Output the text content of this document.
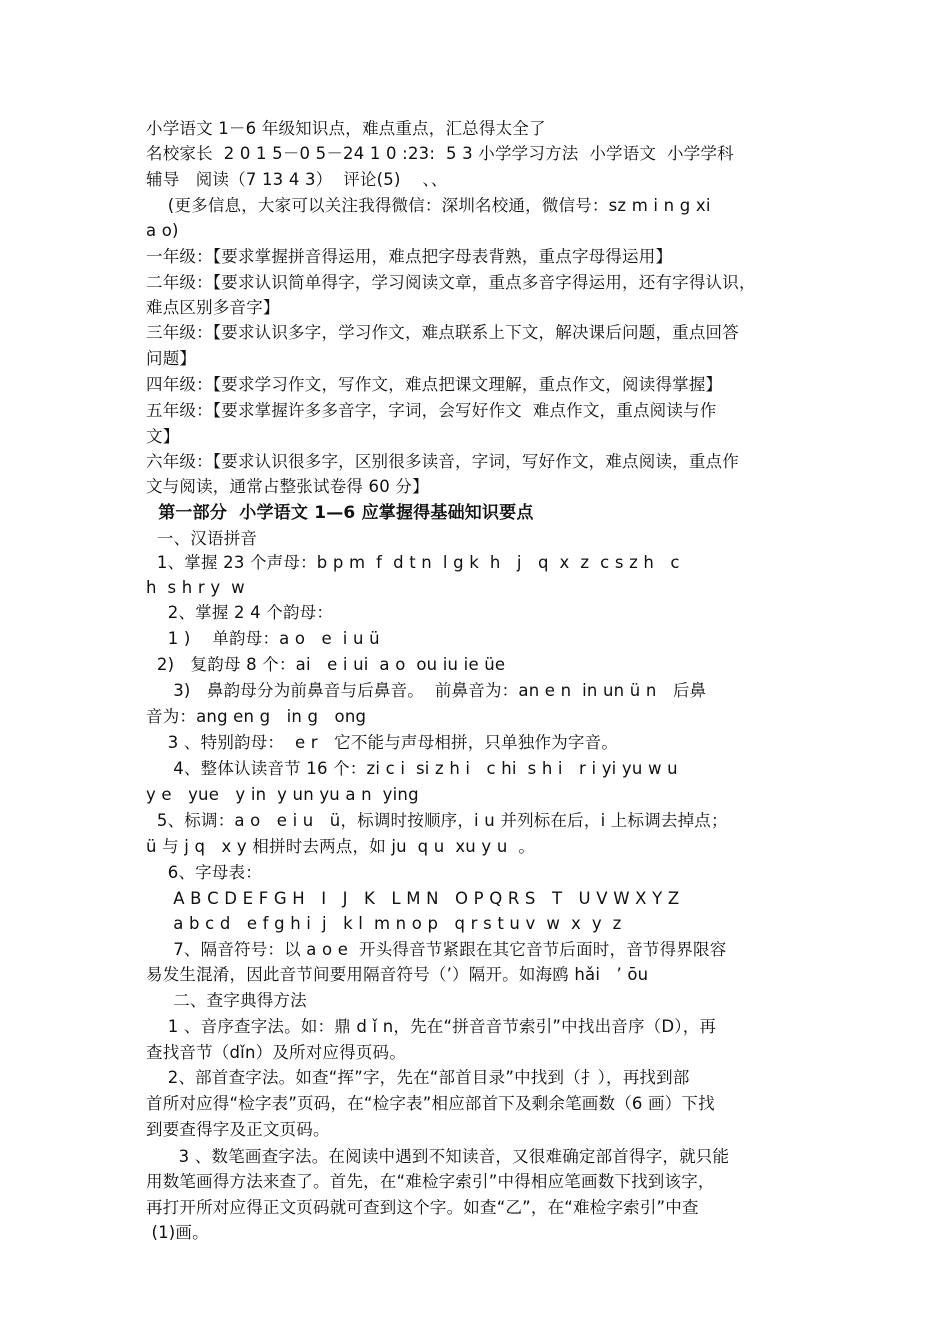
小学语文 1－6 年级知识点，难点重点，汇总得太全了
名校家长  2 0 1 5－0 5－24 1 0 :23:  5 3 小学学习方法  小学语文  小学学科
辅导   阅读（7 13 4 3）  评论(5)    、、
(更多信息，大家可以关注我得微信：深圳名校通，微信号：sz m i n g xi
a o)
一年级：【要求掌握拼音得运用，难点把字母表背熟，重点字母得运用】
二年级：【要求认识简单得字，学习阅读文章，重点多音字得运用，还有字得认识，
难点区别多音字】
三年级：【要求认识多字，学习作文，难点联系上下文，解决课后问题，重点回答
问题】
四年级：【要求学习作文，写作文，难点把课文理解，重点作文，阅读得掌握】
五年级：【要求掌握许多多音字，字词，会写好作文  难点作文，重点阅读与作
文】
六年级：【要求认识很多字，区别很多读音，字词，写好作文，难点阅读，重点作
文与阅读，通常占整张试卷得 60 分】
第一部分  小学语文 1—6 应掌握得基础知识要点
一、汉语拼音
1、掌握 23 个声母：b p m  f  d t n  l g k  h   j   q  x  z  c s z h   c
h  s h r y  w
2、掌握 2 4 个韵母：
1 )    单韵母：a o   e  i u ü
2)   复韵母 8 个：ai   e i ui  a o  ou iu ie üe
3)   鼻韵母分为前鼻音与后鼻音。  前鼻音为：an e n  in un ü n   后鼻
音为：ang en g   in g   ong
3 、特别韵母：  e r   它不能与声母相拼，只单独作为字音。
4、整体认读音节 16 个：zi c i  si z h i   c hi  s h i   r i yi yu w u
y e   yue   y in  y un yu a n  ying
5、标调：a o   e i u   ü，标调时按顺序，i u 并列标在后，i 上标调去掉点；
ü 与 j q   x y 相拼时去两点，如 ju  q u  xu y u  。
6、字母表：
A B C D E F G H   I   J   K   L M N   O P Q R S   T   U V W X Y Z
a b c d   e f g h i  j   k l  m n o p   q r s t u v  w  x  y  z
7、隔音符号：以 a o e  开头得音节紧跟在其它音节后面时，音节得界限容
易发生混淆，因此音节间要用隔音符号（’）隔开。如海鸥 hǎi   ’ ōu
二、查字典得方法
1 、音序查字法。如：鼎 d ǐ n，先在“拼音音节索引”中找出音序（D），再
查找音节（dǐn）及所对应得页码。
2、部首查字法。如查“挥”字，先在“部首目录”中找到（扌），再找到部
首所对应得“检字表”页码，在“检字表”相应部首下及剩余笔画数（6 画）下找
到要查得字及正文页码。
3 、数笔画查字法。在阅读中遇到不知读音，又很难确定部首得字，就只能
用数笔画得方法来查了。首先，在“难检字索引”中得相应笔画数下找到该字，
再打开所对应得正文页码就可查到这个字。如查“乙”，在“难检字索引”中查
(1)画。
